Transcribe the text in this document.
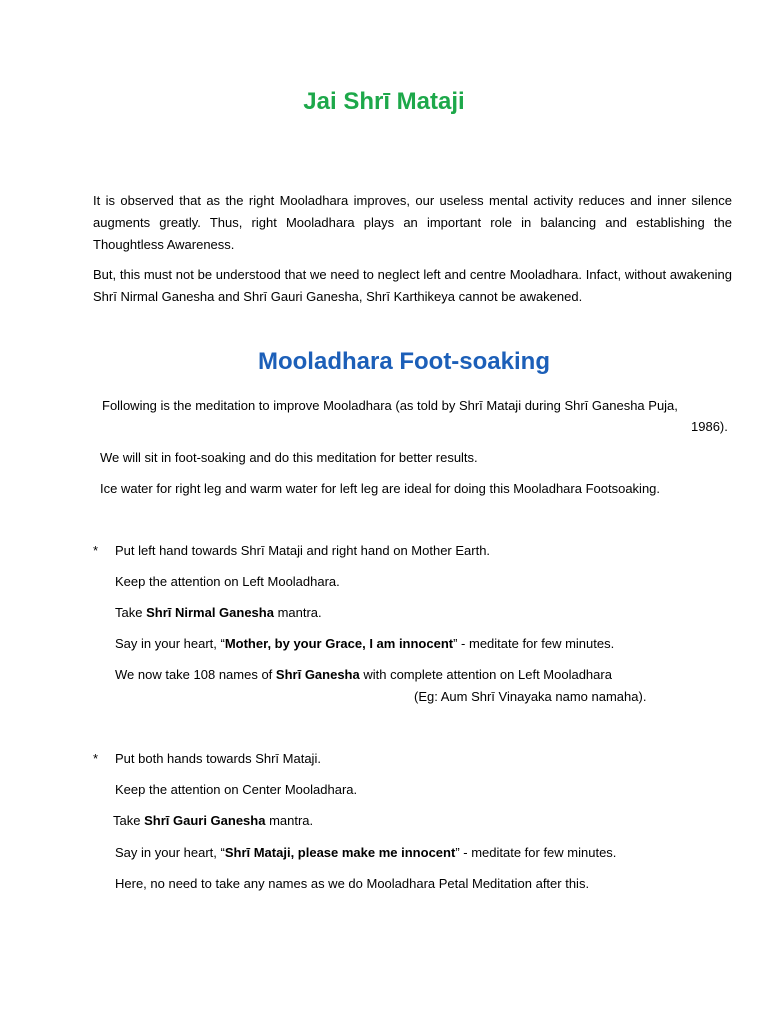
Jai Shrī Mataji

It is observed that as the right Mooladhara improves, our useless mental activity reduces and inner silence augments greatly. Thus, right Mooladhara plays an important role in balancing and establishing the Thoughtless Awareness.

But, this must not be understood that we need to neglect left and centre Mooladhara. Infact, without awakening Shrī Nirmal Ganesha and Shrī Gauri Ganesha, Shrī Karthikeya cannot be awakened.

Mooladhara Foot-soaking

Following is the meditation to improve Mooladhara (as told by Shrī Mataji during Shrī Ganesha Puja,

1986).

We will sit in foot-soaking and do this meditation for better results.

Ice water for right leg and warm water for left leg are ideal for doing this Mooladhara Footsoaking.

* Put left hand towards Shrī Mataji and right hand on Mother Earth.

Keep the attention on Left Mooladhara.

Take Shrī Nirmal Ganesha mantra.

Say in your heart, “Mother, by your Grace, I am innocent” - meditate for few minutes.

We now take 108 names of Shrī Ganesha with complete attention on Left Mooladhara

(Eg: Aum Shrī Vinayaka namo namaha).

* Put both hands towards Shrī Mataji.

Keep the attention on Center Mooladhara.

Take Shrī Gauri Ganesha mantra.

Say in your heart, “Shrī Mataji, please make me innocent” - meditate for few minutes.

Here, no need to take any names as we do Mooladhara Petal Meditation after this.
